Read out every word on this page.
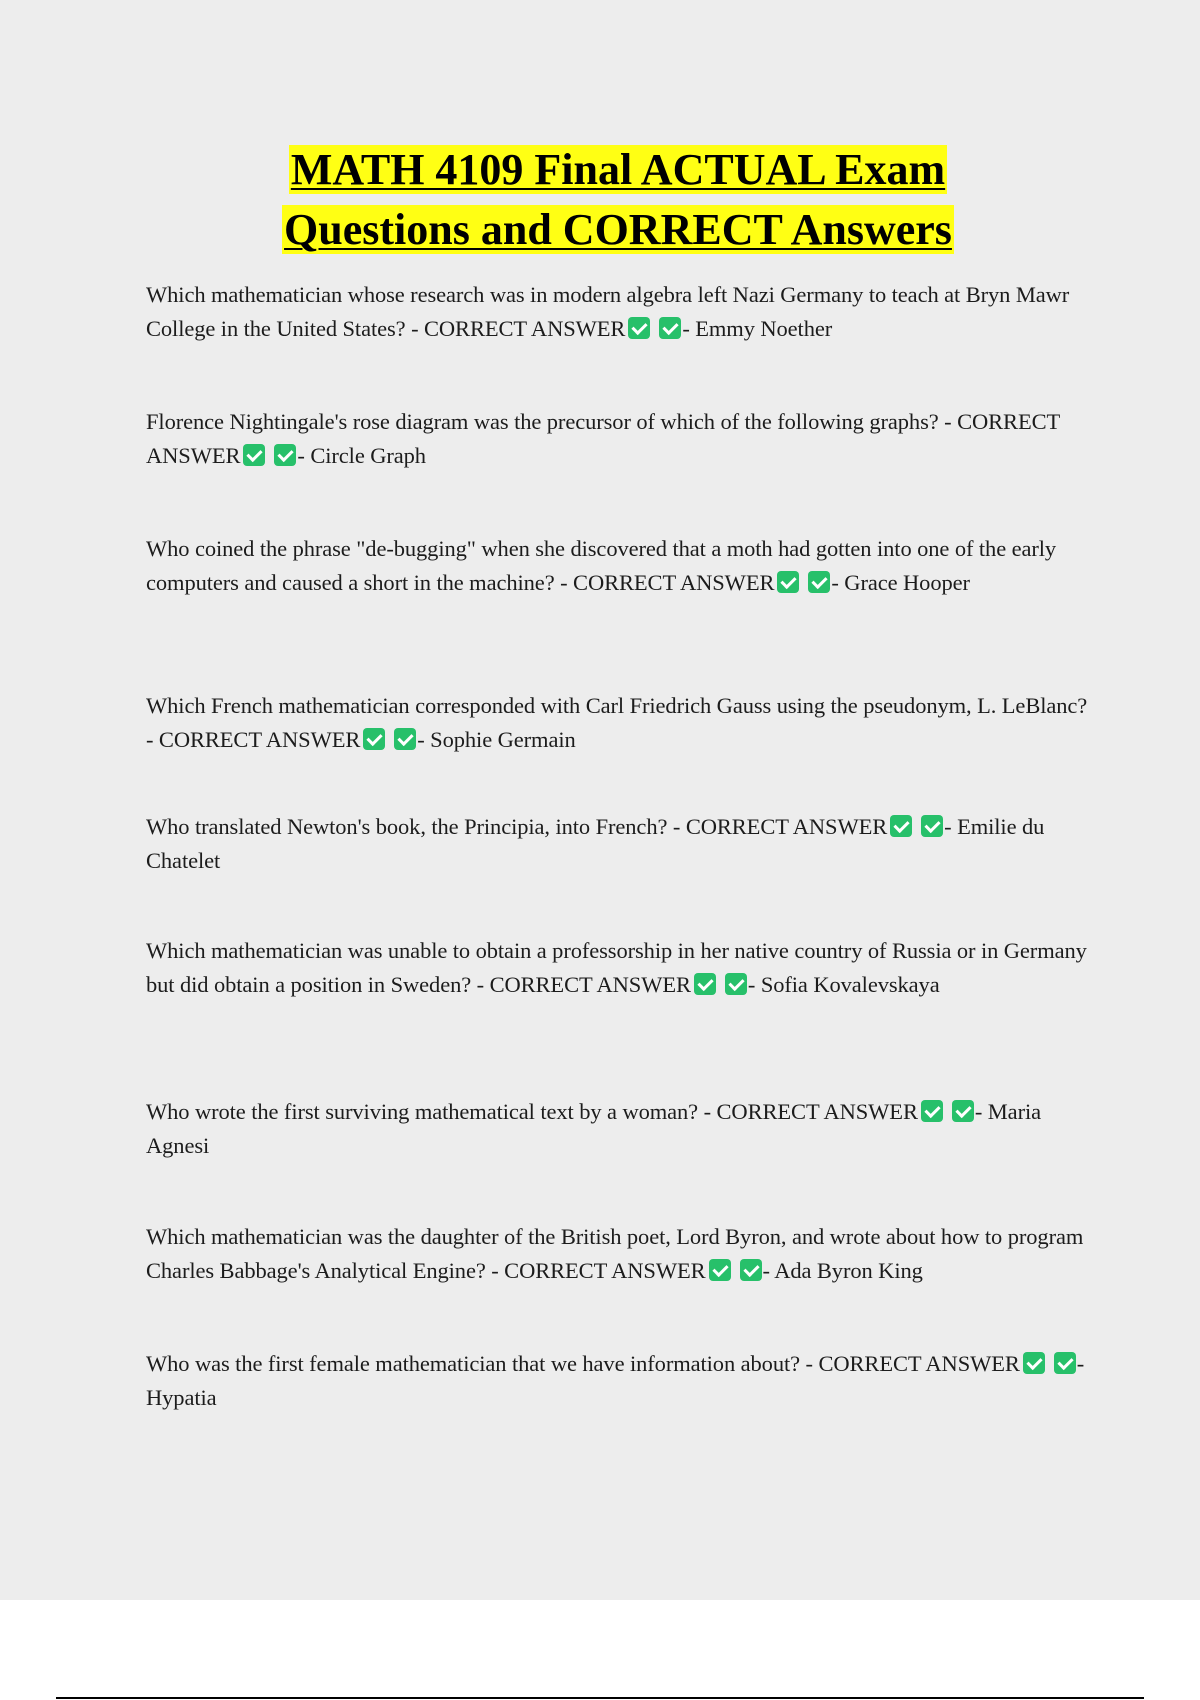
MATH 4109 Final ACTUAL Exam
Questions and CORRECT Answers

Which mathematician whose research was in modern algebra left Nazi Germany to teach at Bryn Mawr College in the United States? - CORRECT ANSWER	- Emmy Noether

Florence Nightingale's rose diagram was the precursor of which of the following graphs? - CORRECT ANSWER	- Circle Graph

Who coined the phrase "de-bugging" when she discovered that a moth had gotten into one of the early computers and caused a short in the machine? - CORRECT ANSWER	- Grace Hooper

Which French mathematician corresponded with Carl Friedrich Gauss using the pseudonym, L. LeBlanc? - CORRECT ANSWER	- Sophie Germain

Who translated Newton's book, the Principia, into French? - CORRECT ANSWER	- Emilie du Chatelet

Which mathematician was unable to obtain a professorship in her native country of Russia or in Germany but did obtain a position in Sweden? - CORRECT ANSWER	- Sofia Kovalevskaya

Who wrote the first surviving mathematical text by a woman? - CORRECT ANSWER	- Maria Agnesi

Which mathematician was the daughter of the British poet, Lord Byron, and wrote about how to program Charles Babbage's Analytical Engine? - CORRECT ANSWER	- Ada Byron King

Who was the first female mathematician that we have information about? - CORRECT ANSWER	- Hypatia
